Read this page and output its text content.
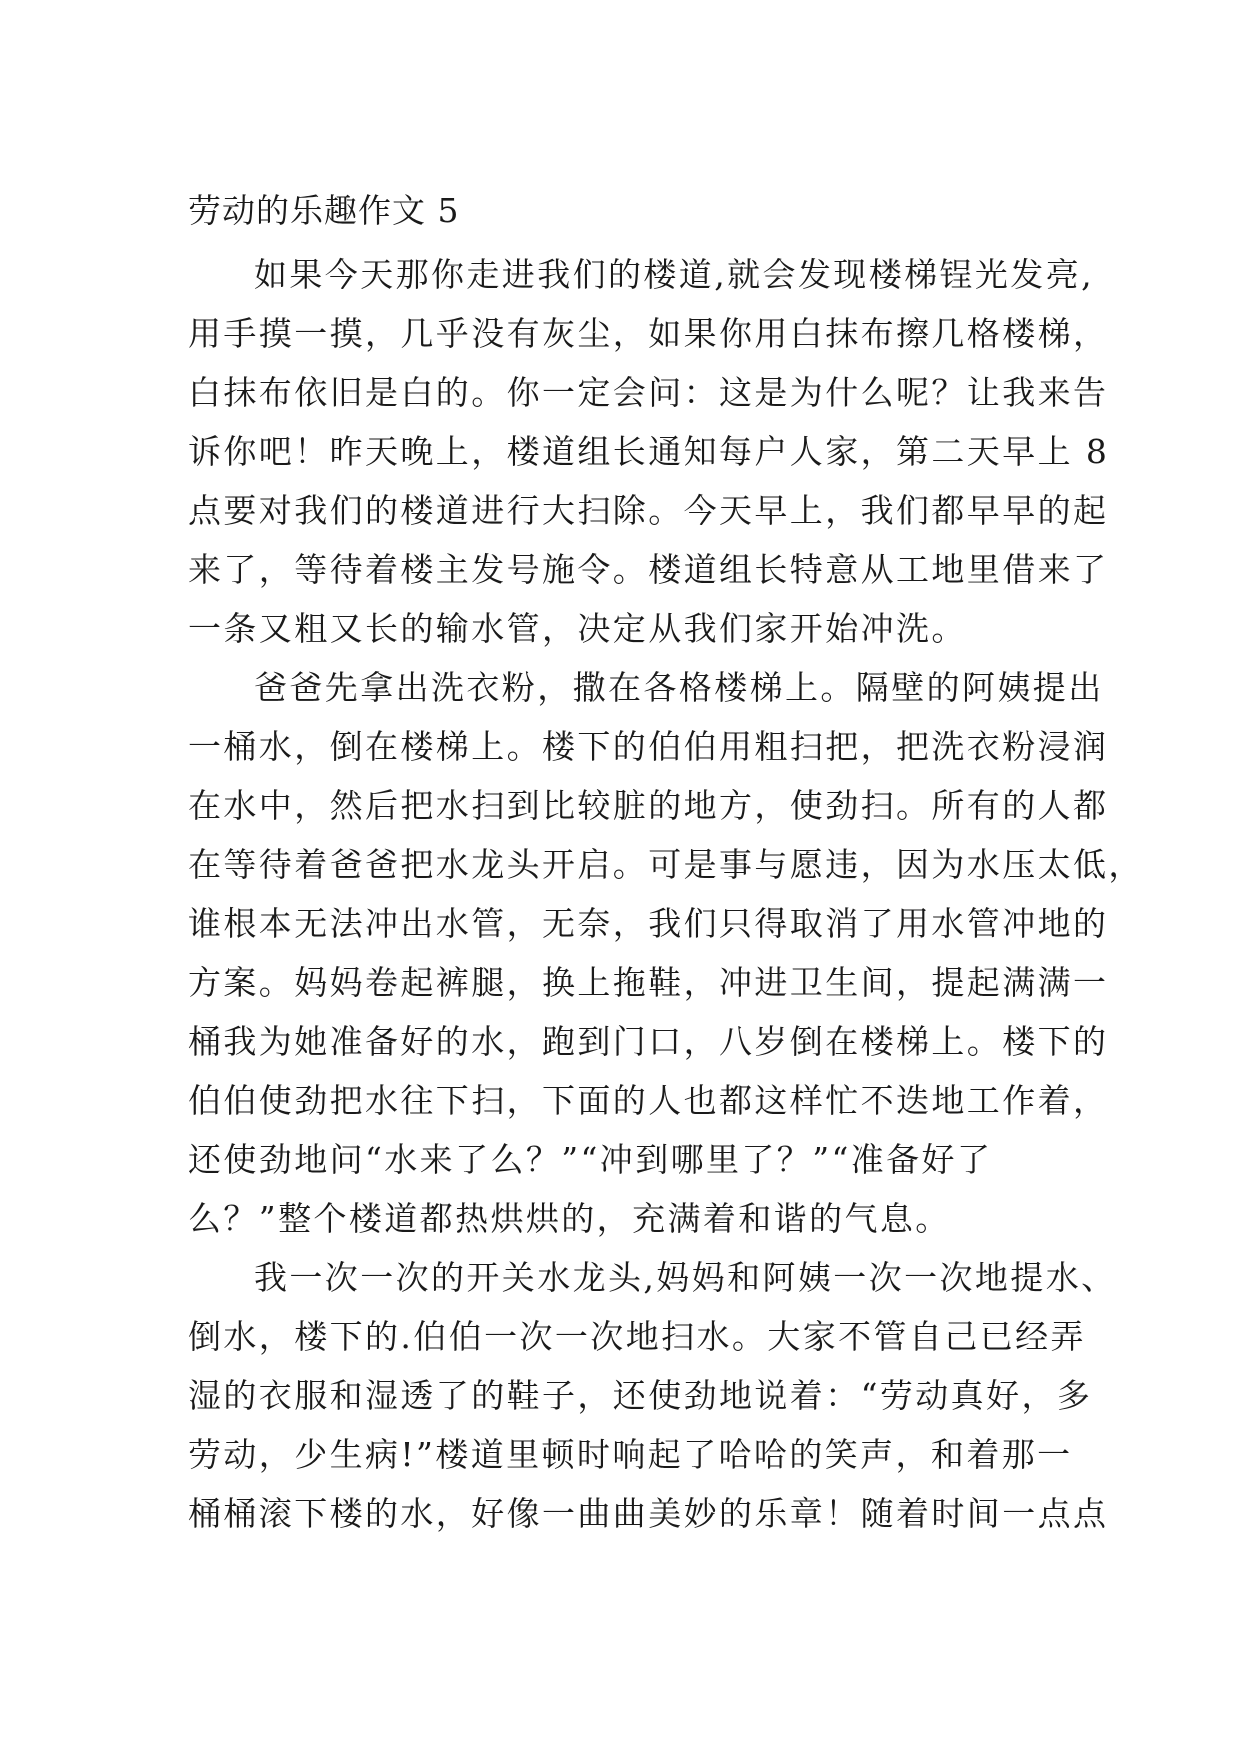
劳动的乐趣作文 5
如果今天那你走进我们的楼道,就会发现楼梯锃光发亮,
用手摸一摸，几乎没有灰尘，如果你用白抹布擦几格楼梯，
白抹布依旧是白的。你一定会问：这是为什么呢？让我来告
诉你吧！昨天晚上，楼道组长通知每户人家，第二天早上 8
点要对我们的楼道进行大扫除。今天早上，我们都早早的起
来了，等待着楼主发号施令。楼道组长特意从工地里借来了
一条又粗又长的输水管，决定从我们家开始冲洗。
爸爸先拿出洗衣粉，撒在各格楼梯上。隔壁的阿姨提出
一桶水，倒在楼梯上。楼下的伯伯用粗扫把，把洗衣粉浸润
在水中，然后把水扫到比较脏的地方，使劲扫。所有的人都
在等待着爸爸把水龙头开启。可是事与愿违，因为水压太低，
谁根本无法冲出水管，无奈，我们只得取消了用水管冲地的
方案。妈妈卷起裤腿，换上拖鞋，冲进卫生间，提起满满一
桶我为她准备好的水，跑到门口，八岁倒在楼梯上。楼下的
伯伯使劲把水往下扫，下面的人也都这样忙不迭地工作着，
还使劲地问“水来了么？”“冲到哪里了？”“准备好了
么？”整个楼道都热烘烘的，充满着和谐的气息。
我一次一次的开关水龙头,妈妈和阿姨一次一次地提水、
倒水，楼下的.伯伯一次一次地扫水。大家不管自己已经弄
湿的衣服和湿透了的鞋子，还使劲地说着：“劳动真好，多
劳动，少生病!”楼道里顿时响起了哈哈的笑声，和着那一
桶桶滚下楼的水，好像一曲曲美妙的乐章！随着时间一点点
